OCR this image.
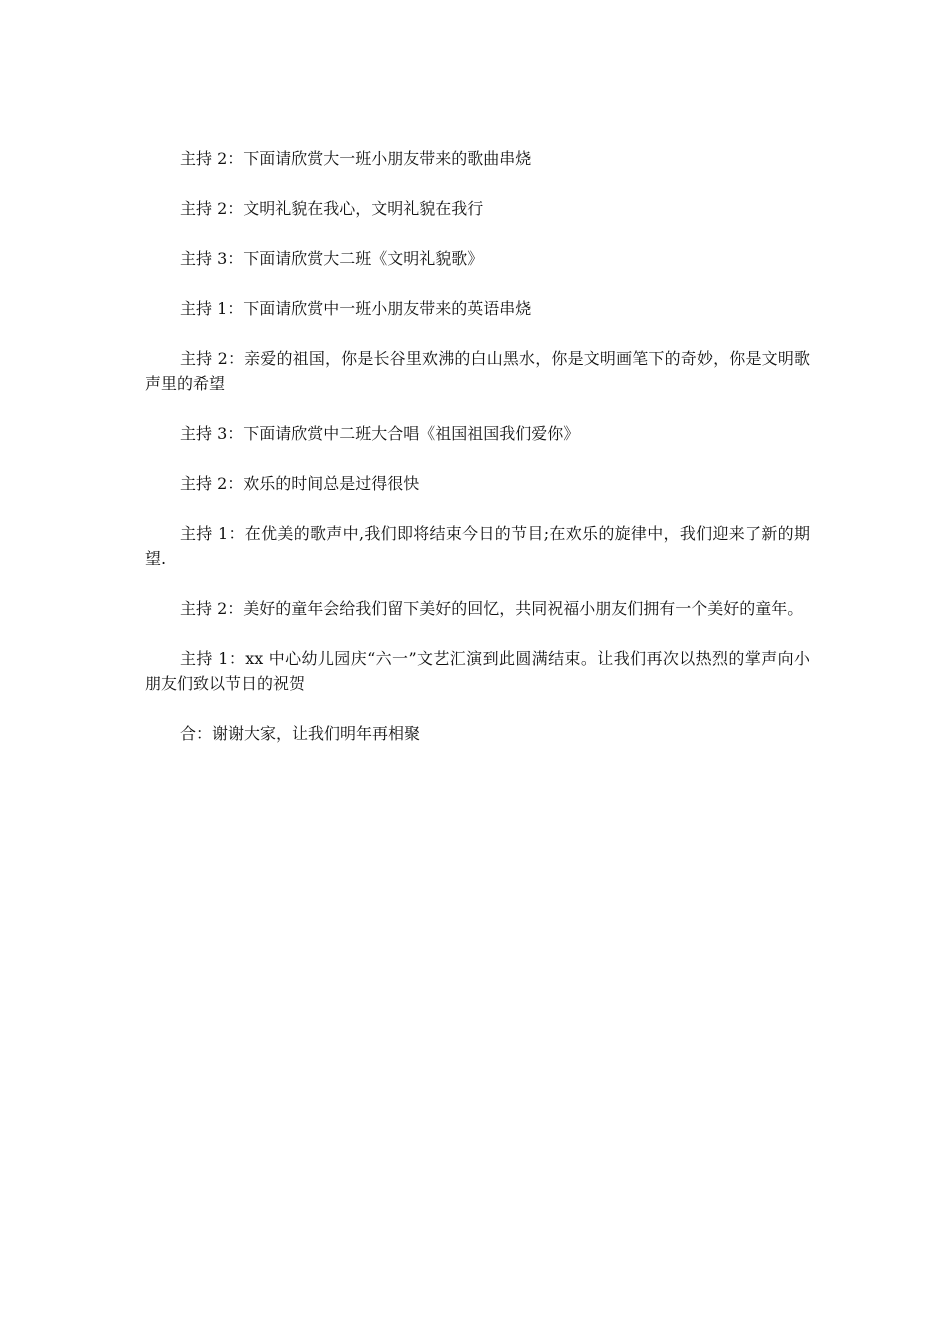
主持 2：下面请欣赏大一班小朋友带来的歌曲串烧

主持 2：文明礼貌在我心，文明礼貌在我行

主持 3：下面请欣赏大二班《文明礼貌歌》

主持 1：下面请欣赏中一班小朋友带来的英语串烧

主持 2：亲爱的祖国，你是长谷里欢沸的白山黑水，你是文明画笔下的奇妙，你是文明歌声里的希望

主持 3：下面请欣赏中二班大合唱《祖国祖国我们爱你》

主持 2：欢乐的时间总是过得很快

主持 1：在优美的歌声中,我们即将结束今日的节目;在欢乐的旋律中，我们迎来了新的期望.

主持 2：美好的童年会给我们留下美好的回忆，共同祝福小朋友们拥有一个美好的童年。

主持 1：xx 中心幼儿园庆“六一”文艺汇演到此圆满结束。让我们再次以热烈的掌声向小朋友们致以节日的祝贺

合：谢谢大家，让我们明年再相聚
